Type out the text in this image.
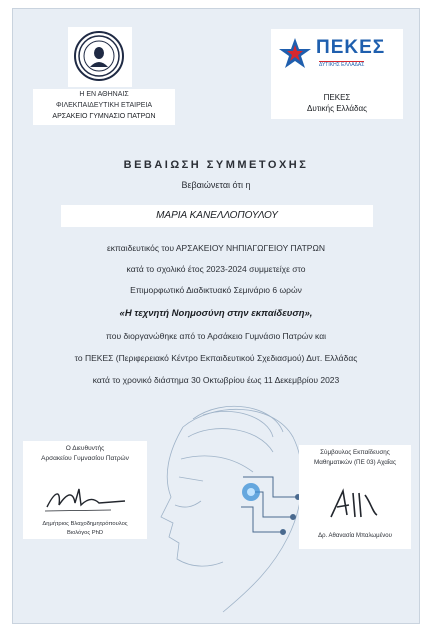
Η ΕΝ ΑΘΗΝΑΙΣ
ΦΙΛΕΚΠΑΙΔΕΥΤΙΚΗ ΕΤΑΙΡΕΙΑ
ΑΡΣΑΚΕΙΟ ΓΥΜΝΑΣΙΟ ΠΑΤΡΩΝ
ΠΕΚΕΣ
ΔΥΤΙΚΗΣ ΕΛΛΑΔΑΣ
ΠΕΚΕΣ
Δυτικής Ελλάδας
ΒΕΒΑΙΩΣΗ ΣΥΜΜΕΤΟΧΗΣ
Βεβαιώνεται ότι η
ΜΑΡΙΑ ΚΑΝΕΛΛΟΠΟΥΛΟΥ
εκπαιδευτικός του ΑΡΣΑΚΕΙΟΥ ΝΗΠΙΑΓΩΓΕΙΟΥ ΠΑΤΡΩΝ
κατά το σχολικό έτος 2023-2024 συμμετείχε στο
Επιμορφωτικό Διαδικτυακό Σεμινάριο 6 ωρών
«Η τεχνητή Νοημοσύνη στην εκπαίδευση»,
που διοργανώθηκε από το Αρσάκειο Γυμνάσιο Πατρών και
το ΠΕΚΕΣ (Περιφερειακό Κέντρο Εκπαιδευτικού Σχεδιασμού) Δυτ. Ελλάδας
κατά το χρονικό διάστημα 30 Οκτωβρίου έως 11 Δεκεμβρίου 2023
Ο Διευθυντής
Αρσακείου Γυμνασίου Πατρών
Δημήτριος Βλαχοδημητρόπουλος
Βιολόγος PhD
Σύμβουλος Εκπαίδευσης
Μαθηματικών (ΠΕ 03) Αχαΐας
Δρ. Αθανασία Μπαλωμένου
